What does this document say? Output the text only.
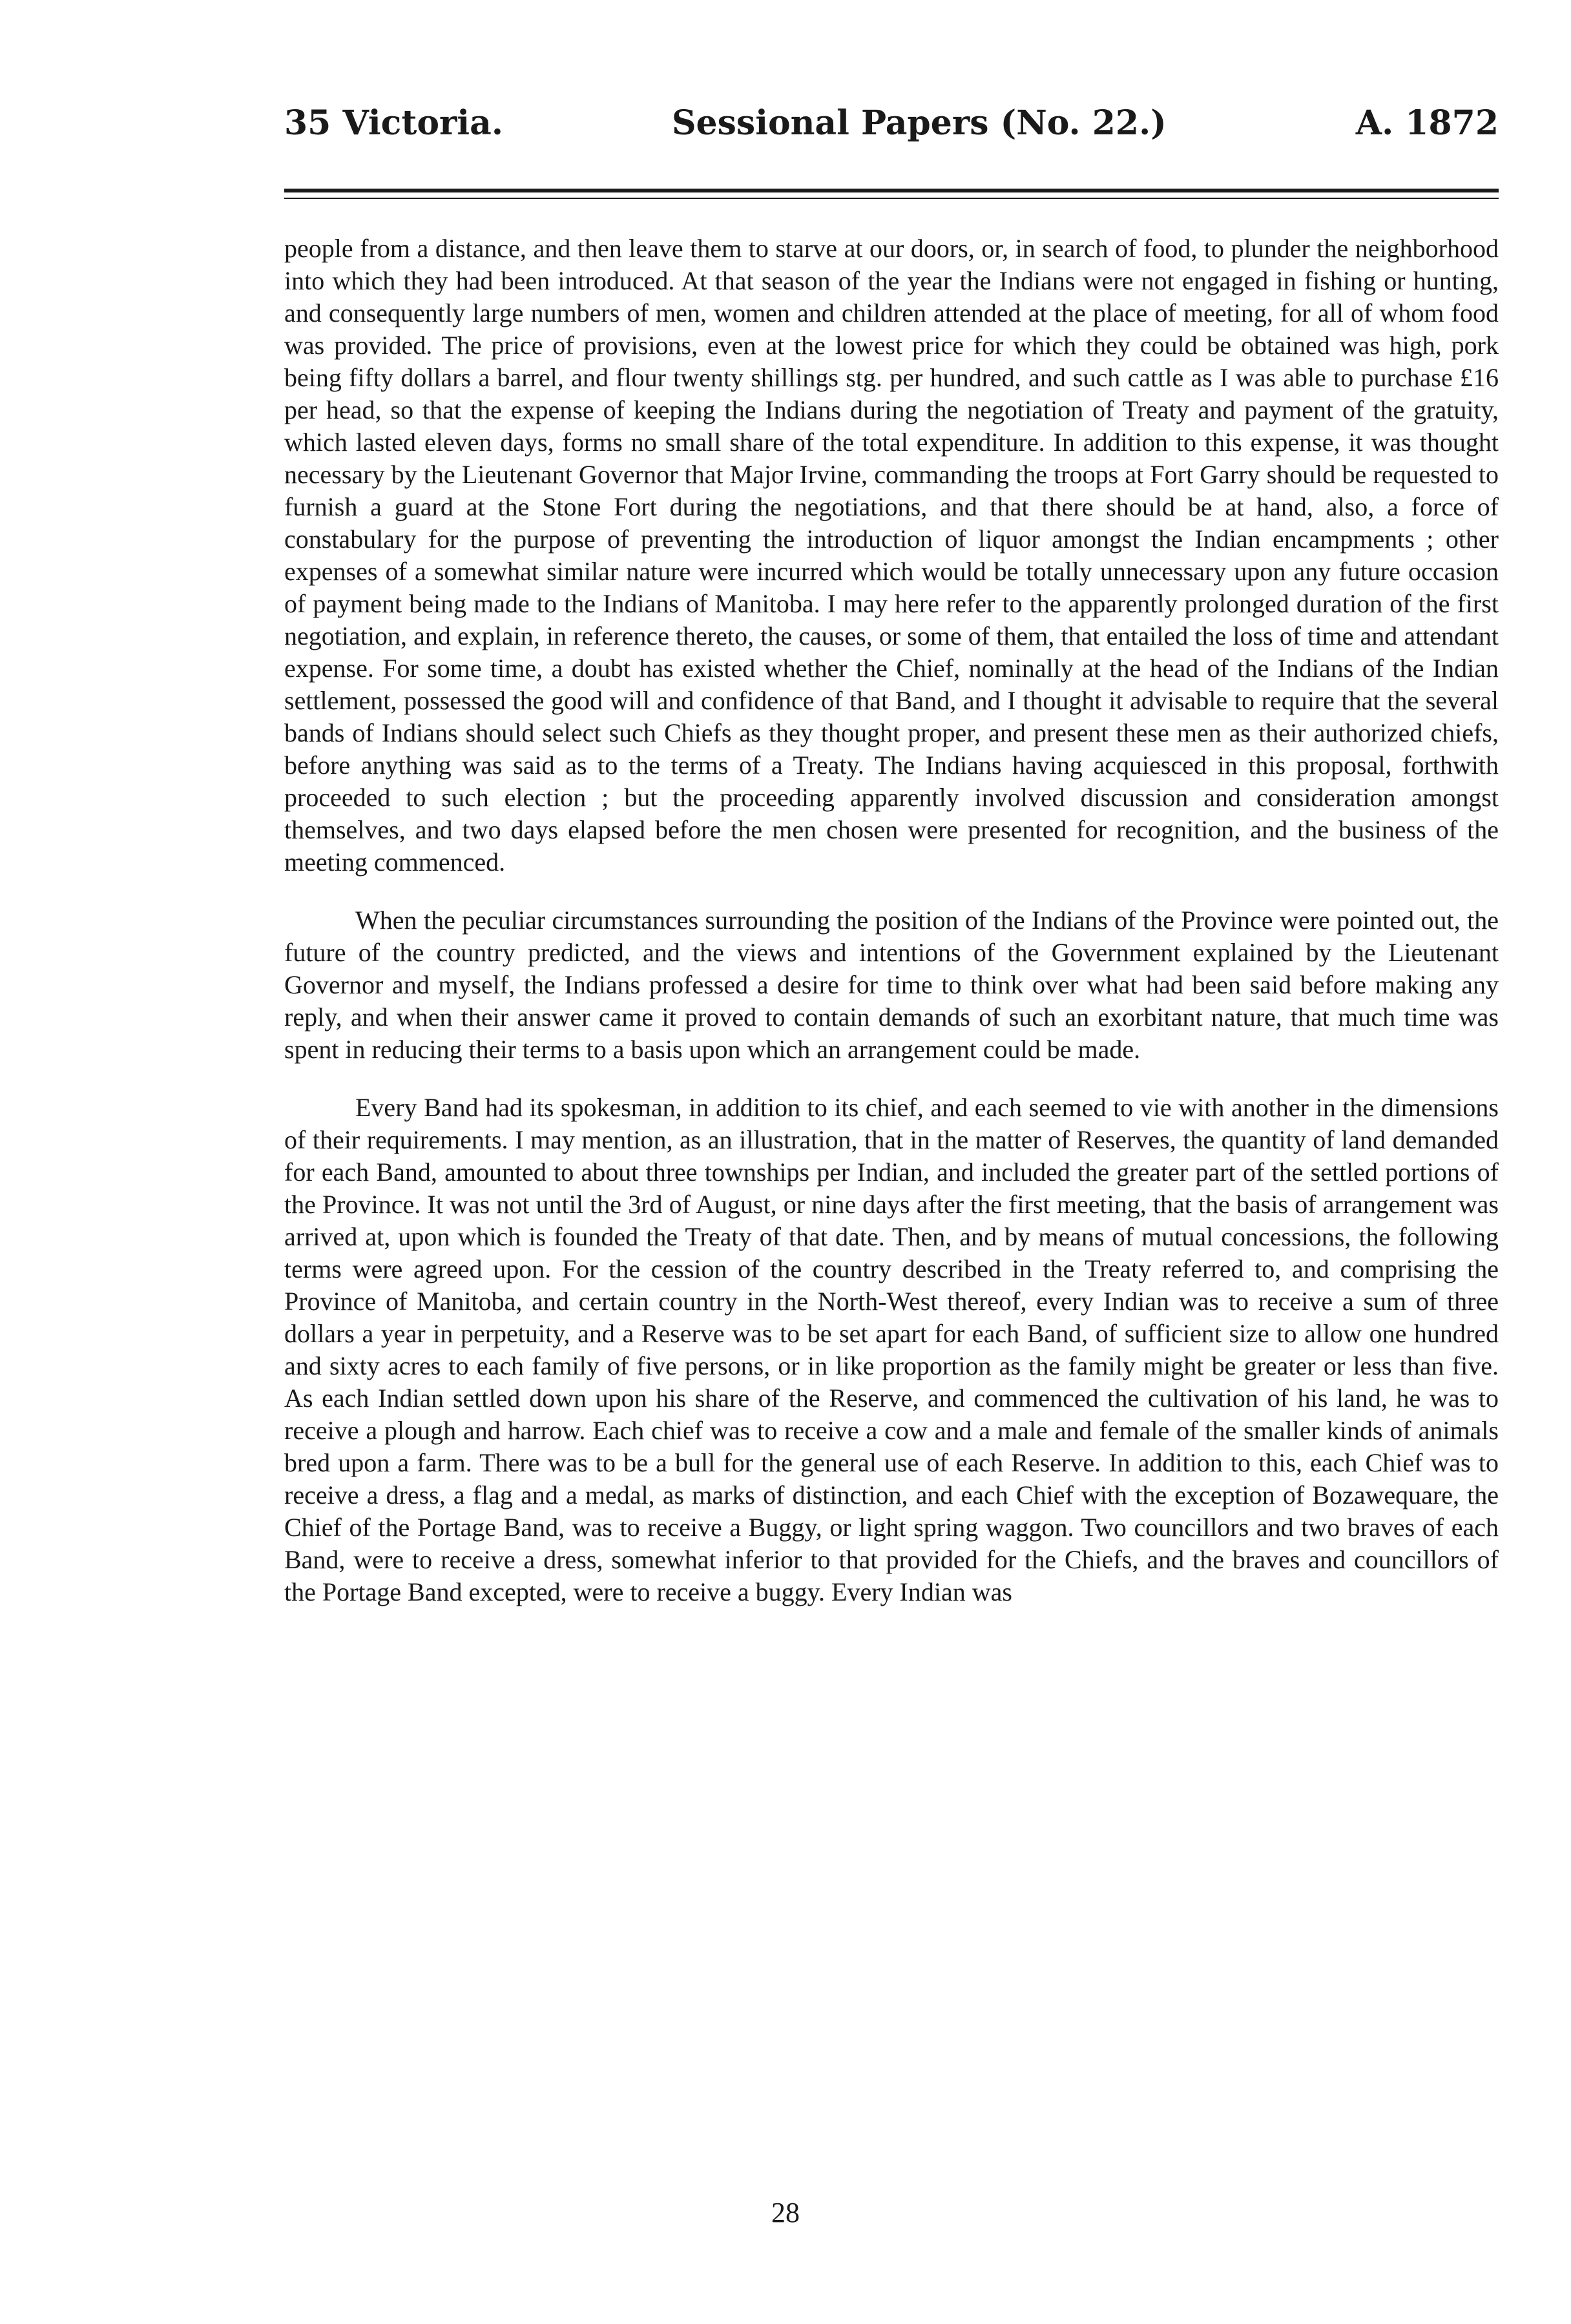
35 Victoria.	Sessional Papers (No. 22.)	A. 1872

people from a distance, and then leave them to starve at our doors, or, in search of food, to plunder the neighborhood into which they had been introduced. At that season of the year the Indians were not engaged in fishing or hunting, and consequently large numbers of men, women and children attended at the place of meeting, for all of whom food was provided. The price of provisions, even at the lowest price for which they could be obtained was high, pork being fifty dollars a barrel, and flour twenty shillings stg. per hundred, and such cattle as I was able to purchase £16 per head, so that the expense of keeping the Indians during the negotiation of Treaty and payment of the gratuity, which lasted eleven days, forms no small share of the total expenditure. In addition to this expense, it was thought necessary by the Lieutenant Governor that Major Irvine, commanding the troops at Fort Garry should be requested to furnish a guard at the Stone Fort during the negotiations, and that there should be at hand, also, a force of constabulary for the purpose of preventing the introduction of liquor amongst the Indian encampments ; other expenses of a somewhat similar nature were incurred which would be totally unnecessary upon any future occasion of payment being made to the Indians of Manitoba. I may here refer to the apparently prolonged duration of the first negotiation, and explain, in reference thereto, the causes, or some of them, that entailed the loss of time and attendant expense. For some time, a doubt has existed whether the Chief, nominally at the head of the Indians of the Indian settlement, possessed the good will and confidence of that Band, and I thought it advisable to require that the several bands of Indians should select such Chiefs as they thought proper, and present these men as their authorized chiefs, before anything was said as to the terms of a Treaty. The Indians having acquiesced in this proposal, forthwith proceeded to such election ; but the proceeding apparently involved discussion and consideration amongst themselves, and two days elapsed before the men chosen were presented for recognition, and the business of the meeting commenced.

When the peculiar circumstances surrounding the position of the Indians of the Province were pointed out, the future of the country predicted, and the views and intentions of the Government explained by the Lieutenant Governor and myself, the Indians professed a desire for time to think over what had been said before making any reply, and when their answer came it proved to contain demands of such an exorbitant nature, that much time was spent in reducing their terms to a basis upon which an arrangement could be made.

Every Band had its spokesman, in addition to its chief, and each seemed to vie with another in the dimensions of their requirements. I may mention, as an illustration, that in the matter of Reserves, the quantity of land demanded for each Band, amounted to about three townships per Indian, and included the greater part of the settled portions of the Province. It was not until the 3rd of August, or nine days after the first meeting, that the basis of arrangement was arrived at, upon which is founded the Treaty of that date. Then, and by means of mutual concessions, the following terms were agreed upon. For the cession of the country described in the Treaty referred to, and comprising the Province of Manitoba, and certain country in the North-West thereof, every Indian was to receive a sum of three dollars a year in perpetuity, and a Reserve was to be set apart for each Band, of sufficient size to allow one hundred and sixty acres to each family of five persons, or in like proportion as the family might be greater or less than five. As each Indian settled down upon his share of the Reserve, and commenced the cultivation of his land, he was to receive a plough and harrow. Each chief was to receive a cow and a male and female of the smaller kinds of animals bred upon a farm. There was to be a bull for the general use of each Reserve. In addition to this, each Chief was to receive a dress, a flag and a medal, as marks of distinction, and each Chief with the exception of Bozawequare, the Chief of the Portage Band, was to receive a Buggy, or light spring waggon. Two councillors and two braves of each Band, were to receive a dress, somewhat inferior to that provided for the Chiefs, and the braves and councillors of the Portage Band excepted, were to receive a buggy. Every Indian was

28
